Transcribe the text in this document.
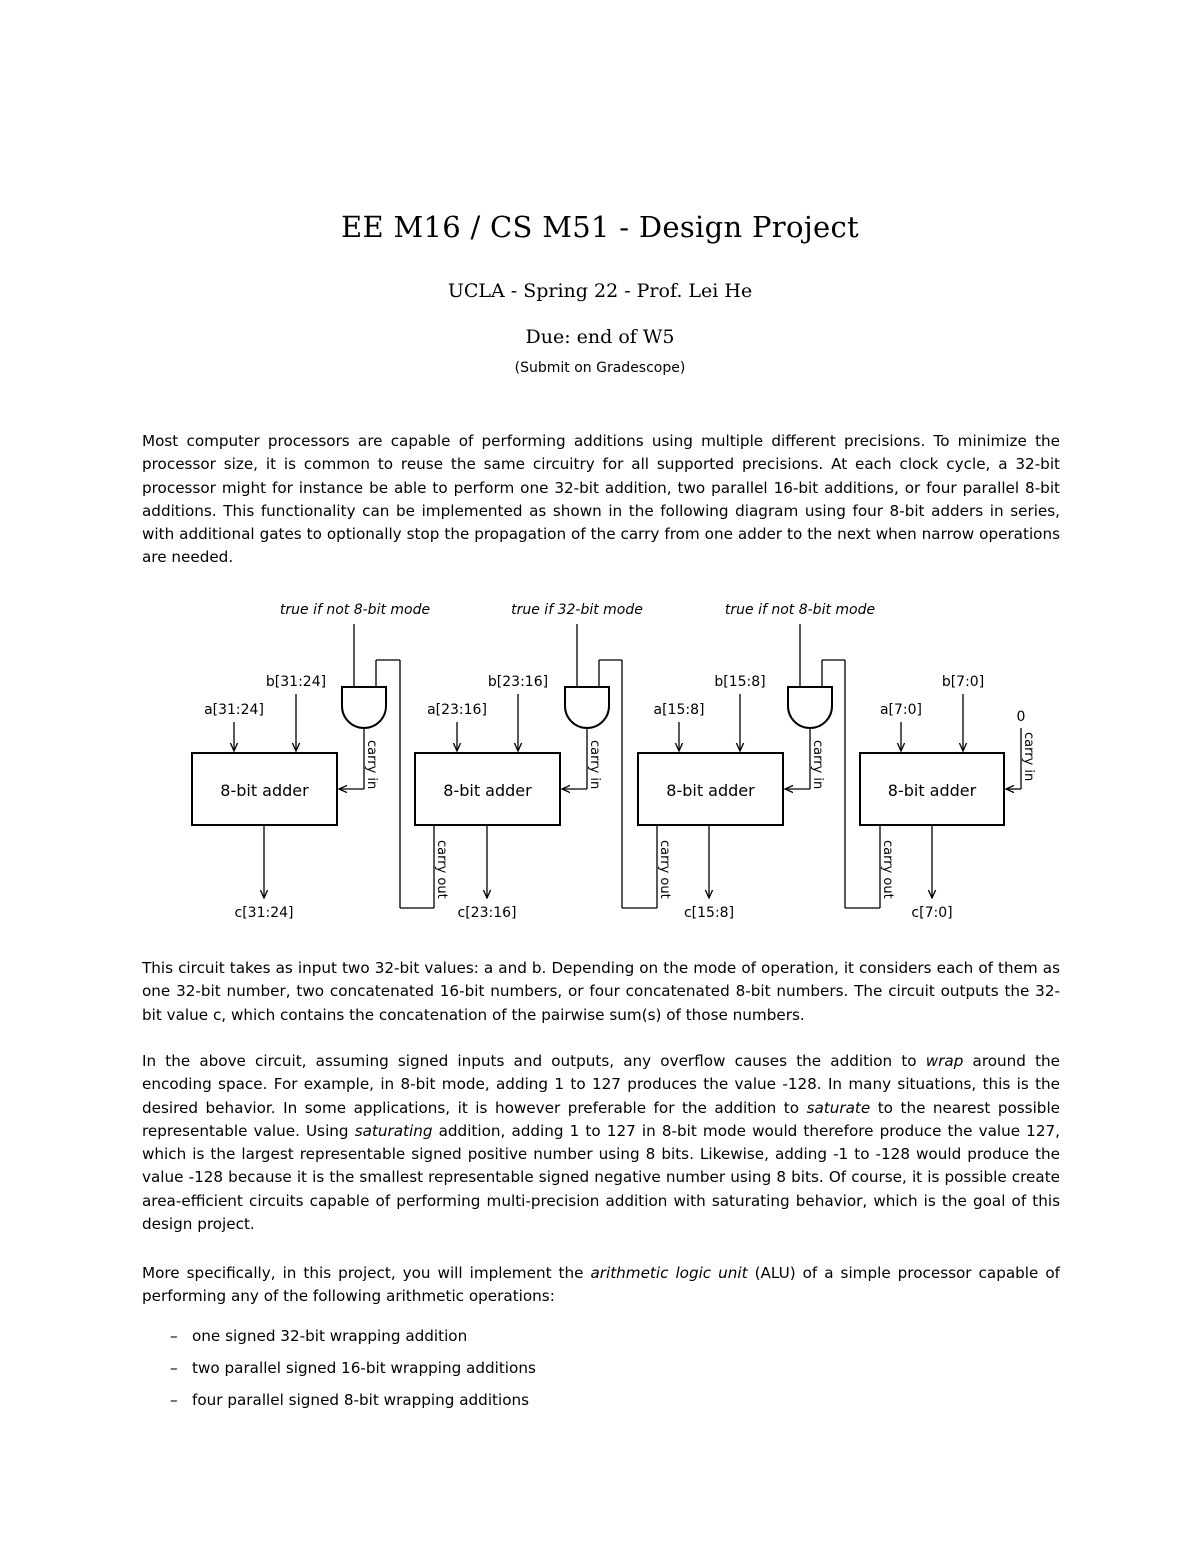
EE M16 / CS M51 - Design Project
UCLA - Spring 22 - Prof. Lei He
Due: end of W5
(Submit on Gradescope)

Most computer processors are capable of performing additions using multiple different precisions. To minimize the processor size, it is common to reuse the same circuitry for all supported precisions. At each clock cycle, a 32-bit processor might for instance be able to perform one 32-bit addition, two parallel 16-bit additions, or four parallel 8-bit additions. This functionality can be implemented as shown in the following diagram using four 8-bit adders in series, with additional gates to optionally stop the propagation of the carry from one adder to the next when narrow operations are needed.

true if not 8-bit mode	true if 32-bit mode	true if not 8-bit mode
8-bit adder
a[31:24]
b[31:24]
c[31:24]
carry in
8-bit adder
a[23:16]
b[23:16]
c[23:16]
carry out
carry in
8-bit adder
a[15:8]
b[15:8]
c[15:8]
carry out
carry in
8-bit adder
a[7:0]
b[7:0]
c[7:0]
carry out
0
carry in

This circuit takes as input two 32-bit values: a and b. Depending on the mode of operation, it considers each of them as one 32-bit number, two concatenated 16-bit numbers, or four concatenated 8-bit numbers. The circuit outputs the 32-bit value c, which contains the concatenation of the pairwise sum(s) of those numbers.

In the above circuit, assuming signed inputs and outputs, any overflow causes the addition to wrap around the encoding space. For example, in 8-bit mode, adding 1 to 127 produces the value -128. In many situations, this is the desired behavior. In some applications, it is however preferable for the addition to saturate to the nearest possible representable value. Using saturating addition, adding 1 to 127 in 8-bit mode would therefore produce the value 127, which is the largest representable signed positive number using 8 bits. Likewise, adding -1 to -128 would produce the value -128 because it is the smallest representable signed negative number using 8 bits. Of course, it is possible create area-efficient circuits capable of performing multi-precision addition with saturating behavior, which is the goal of this design project.

More specifically, in this project, you will implement the arithmetic logic unit (ALU) of a simple processor capable of performing any of the following arithmetic operations:

– one signed 32-bit wrapping addition
– two parallel signed 16-bit wrapping additions
– four parallel signed 8-bit wrapping additions
